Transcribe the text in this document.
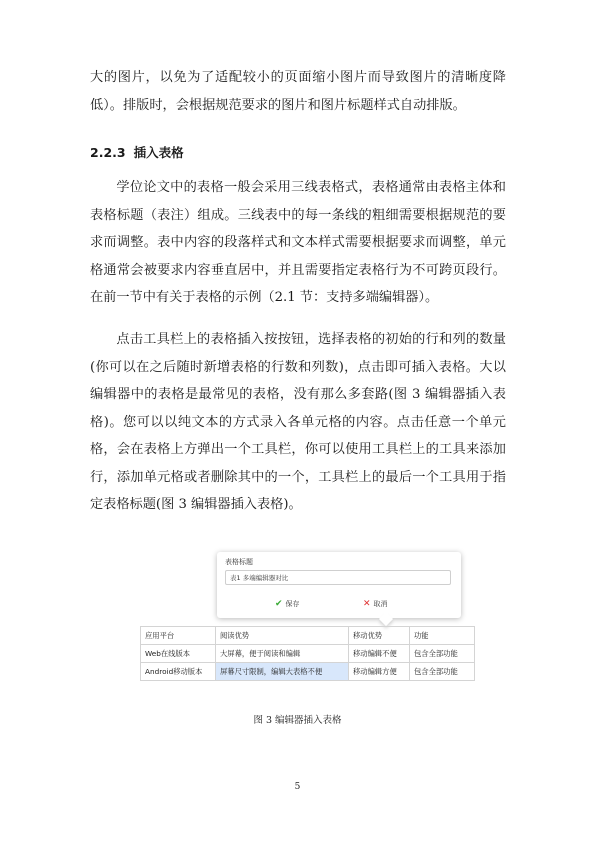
大的图片，以免为了适配较小的页面缩小图片而导致图片的清晰度降低）。排版时，会根据规范要求的图片和图片标题样式自动排版。

2.2.3 插入表格

学位论文中的表格一般会采用三线表格式，表格通常由表格主体和表格标题（表注）组成。三线表中的每一条线的粗细需要根据规范的要求而调整。表中内容的段落样式和文本样式需要根据要求而调整，单元格通常会被要求内容垂直居中，并且需要指定表格行为不可跨页段行。在前一节中有关于表格的示例（2.1 节：支持多端编辑器）。

点击工具栏上的表格插入按按钮，选择表格的初始的行和列的数量(你可以在之后随时新增表格的行数和列数)，点击即可插入表格。大以编辑器中的表格是最常见的表格，没有那么多套路(图 3 编辑器插入表格)。您可以以纯文本的方式录入各单元格的内容。点击任意一个单元格，会在表格上方弹出一个工具栏，你可以使用工具栏上的工具来添加行，添加单元格或者删除其中的一个，工具栏上的最后一个工具用于指定表格标题(图 3 编辑器插入表格)。

表格标题
表1 多端编辑器对比
✔ 保存	✕ 取消
应用平台	阅读优势	移动优势	功能
Web在线版本	大屏幕，便于阅读和编辑	移动编辑不便	包含全部功能
Android移动版本	屏幕尺寸限制，编辑大表格不便	移动编辑方便	包含全部功能

图 3 编辑器插入表格

5
